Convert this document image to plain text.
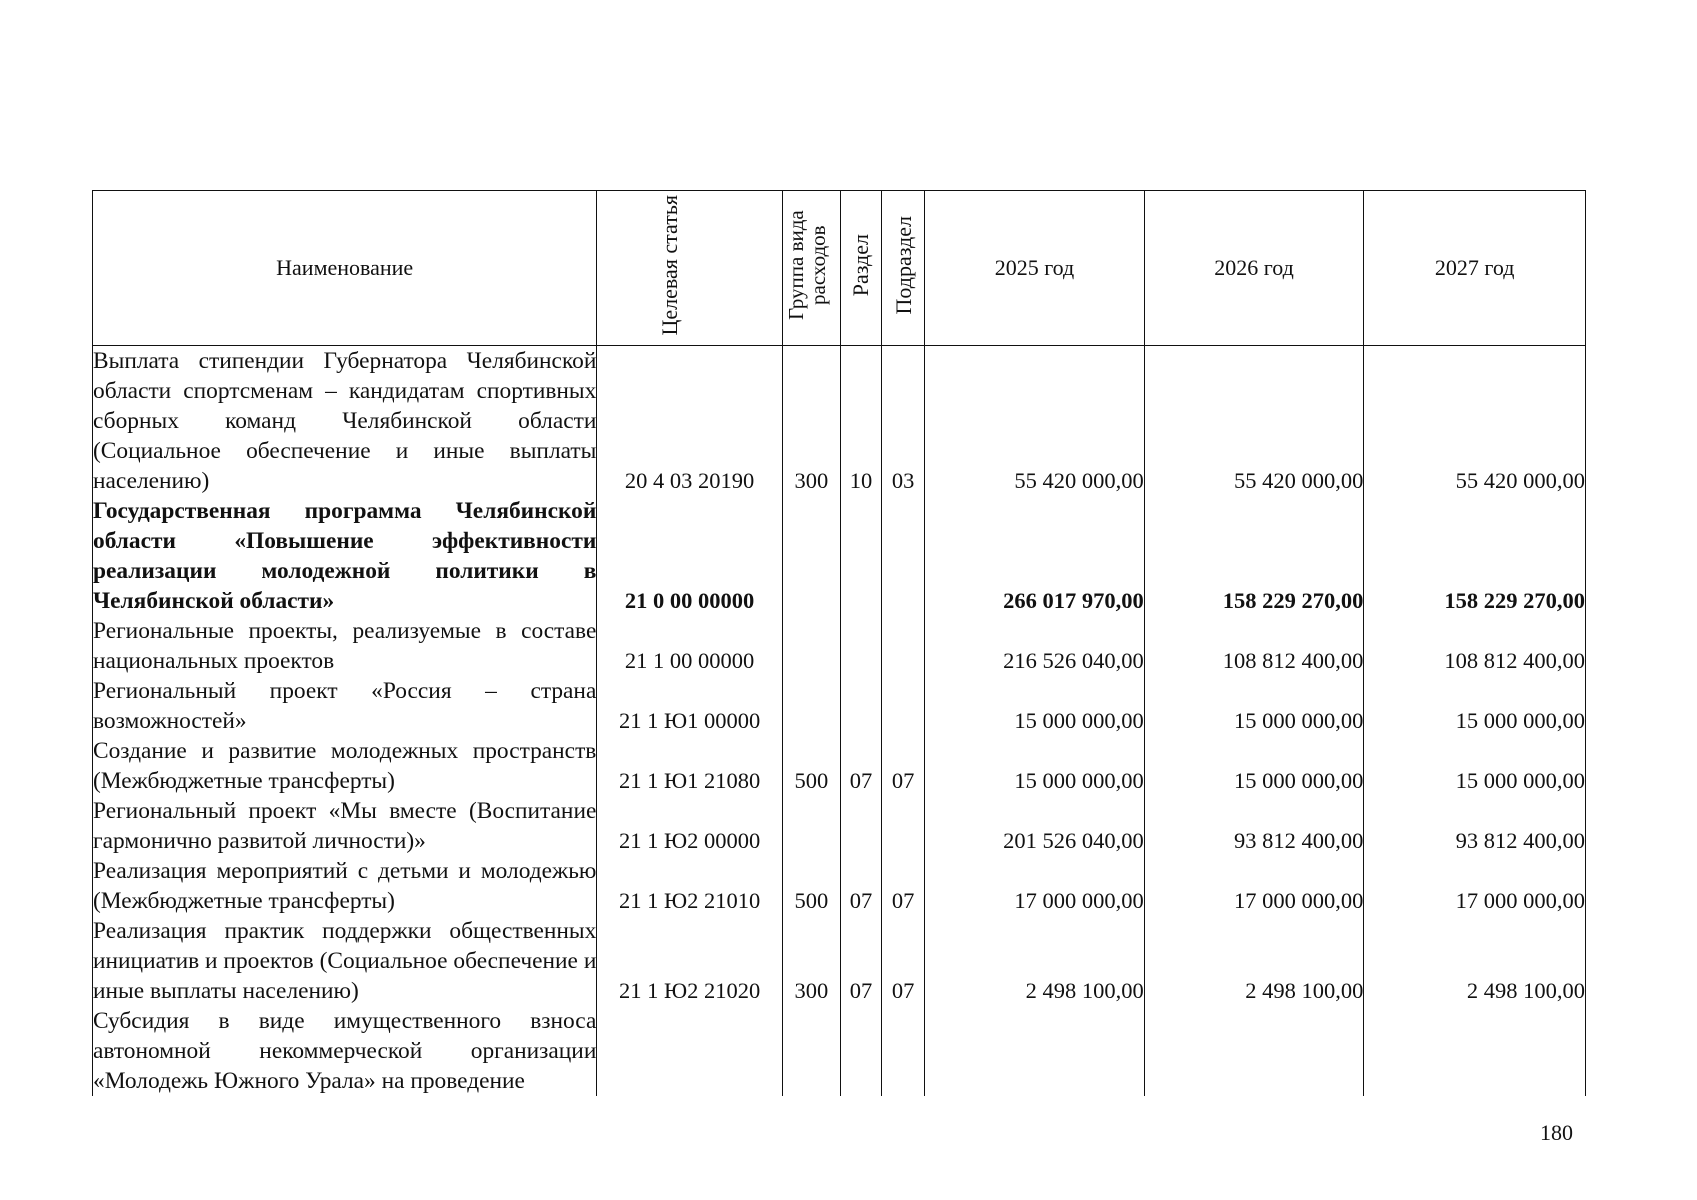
Наименование	Целевая статья	Группа вида расходов	Раздел	Подраздел	2025 год	2026 год	2027 год
Выплата стипендии Губернатора Челябинской области спортсменам – кандидатам спортивных сборных команд Челябинской области (Социальное обеспечение и иные выплаты населению)	20 4 03 20190	300	10	03	55 420 000,00	55 420 000,00	55 420 000,00
Государственная программа Челябинской области «Повышение эффективности реализации молодежной политики в Челябинской области»	21 0 00 00000				266 017 970,00	158 229 270,00	158 229 270,00
Региональные проекты, реализуемые в составе национальных проектов	21 1 00 00000				216 526 040,00	108 812 400,00	108 812 400,00
Региональный проект «Россия – страна возможностей»	21 1 Ю1 00000				15 000 000,00	15 000 000,00	15 000 000,00
Создание и развитие молодежных пространств (Межбюджетные трансферты)	21 1 Ю1 21080	500	07	07	15 000 000,00	15 000 000,00	15 000 000,00
Региональный проект «Мы вместе (Воспитание гармонично развитой личности)»	21 1 Ю2 00000				201 526 040,00	93 812 400,00	93 812 400,00
Реализация мероприятий с детьми и молодежью (Межбюджетные трансферты)	21 1 Ю2 21010	500	07	07	17 000 000,00	17 000 000,00	17 000 000,00
Реализация практик поддержки общественных инициатив и проектов (Социальное обеспечение и иные выплаты населению)	21 1 Ю2 21020	300	07	07	2 498 100,00	2 498 100,00	2 498 100,00
Субсидия в виде имущественного взноса автономной некоммерческой организации «Молодежь Южного Урала» на проведение							
180
